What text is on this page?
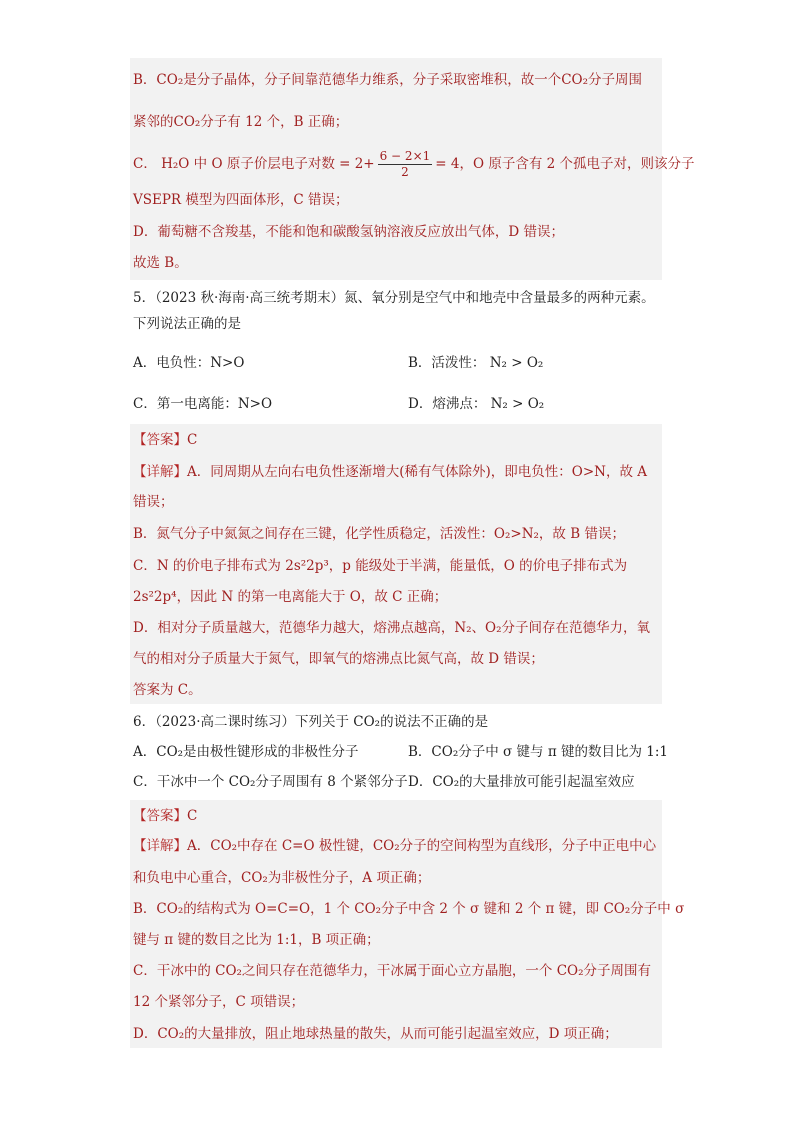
B．CO₂是分子晶体，分子间靠范德华力维系，分子采取密堆积，故一个CO₂分子周围
紧邻的CO₂分子有 12 个，B 正确；
C． H₂O 中 O 原子价层电子对数 = $2+ \frac{6 - 2\times 1}{2} = 4$，O 原子含有 2 个孤电子对，则该分子
VSEPR 模型为四面体形，C 错误；
D．葡萄糖不含羧基，不能和饱和碳酸氢钠溶液反应放出气体，D 错误；
故选 B。
5．（2023 秋·海南·高三统考期末）氮、氧分别是空气中和地壳中含量最多的两种元素。
下列说法正确的是
A．电负性：N>O	B．活泼性： N₂ > O₂
C．第一电离能：N>O	D．熔沸点： N₂ > O₂
【答案】C
【详解】A．同周期从左向右电负性逐渐增大(稀有气体除外)，即电负性：O>N，故 A
错误；
B．氮气分子中氮氮之间存在三键，化学性质稳定，活泼性：O₂>N₂，故 B 错误；
C．N 的价电子排布式为 2s²2p³，p 能级处于半满，能量低，O 的价电子排布式为
2s²2p⁴，因此 N 的第一电离能大于 O，故 C 正确；
D．相对分子质量越大，范德华力越大，熔沸点越高，N₂、O₂分子间存在范德华力，氧
气的相对分子质量大于氮气，即氧气的熔沸点比氮气高，故 D 错误；
答案为 C。
6．（2023·高二课时练习）下列关于 CO₂的说法不正确的是
A．CO₂是由极性键形成的非极性分子	B．CO₂分子中 σ 键与 π 键的数目比为 1:1
C．干冰中一个 CO₂分子周围有 8 个紧邻分子 D．CO₂的大量排放可能引起温室效应
【答案】C
【详解】A．CO₂中存在 C=O 极性键，CO₂分子的空间构型为直线形，分子中正电中心
和负电中心重合，CO₂为非极性分子，A 项正确；
B．CO₂的结构式为 O=C=O，1 个 CO₂分子中含 2 个 σ 键和 2 个 π 键，即 CO₂分子中 σ
键与 π 键的数目之比为 1:1，B 项正确；
C．干冰中的 CO₂之间只存在范德华力，干冰属于面心立方晶胞，一个 CO₂分子周围有
12 个紧邻分子，C 项错误；
D．CO₂的大量排放，阻止地球热量的散失，从而可能引起温室效应，D 项正确；
